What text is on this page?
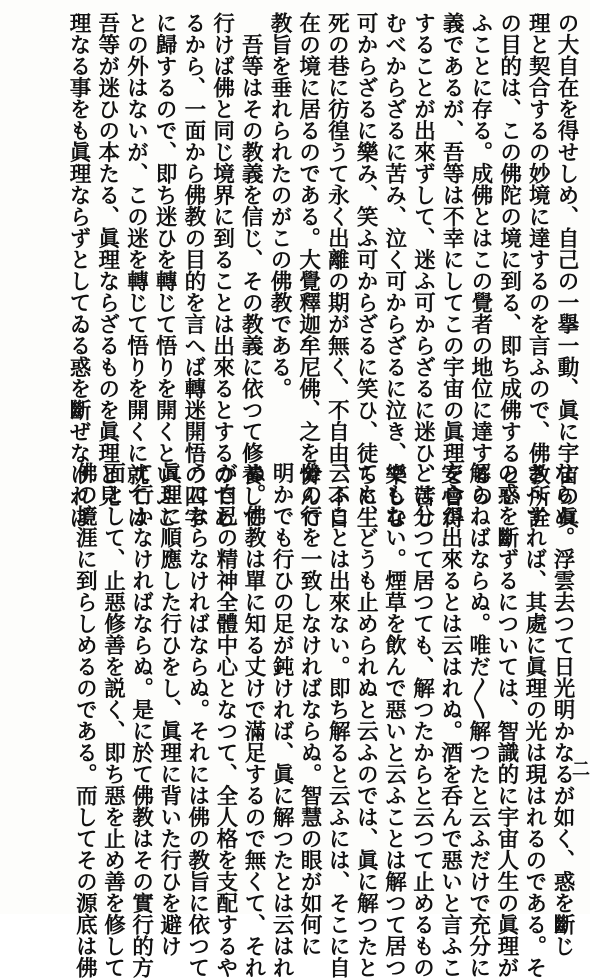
の大自在を得せしめ、自己の一擧一動、眞に宇宙の眞
理と契合するの妙境に達するのを言ふので、佛教所詮
の目的は、この佛陀の境に到る、即ち成佛するとい
ふことに存る。成佛とはこの覺者の地位に達するの
義であるが、吾等は不幸にしてこの宇宙の眞理を會得
することが出來ずして、迷ふ可からざるに迷ひ、苦し
むべからざるに苦み、泣く可からざるに泣き、樂しむ
可からざるに樂み、笑ふ可からざるに笑ひ、徒らに生
死の巷に彷徨うて永く出離の期が無く、不自由、不自
在の境に居るのである。大覺釋迦牟尼佛、之を憐んで
教旨を垂れられたのがこの佛教である。
　吾等はその教義を信じ、その教義に依つて修養して
行けば佛と同じ境界に到ることは出來るとするのであ
るから、一面から佛教の目的を言へば轉迷開悟の四字
に歸するので、即ち迷ひを轉じて悟りを開くといふこ
との外はないが、この迷を轉じて悟りを開くに就ては
吾等が迷ひの本たる、眞理ならざるものを眞理と見
理なる事をも眞理ならずとしてゐる惑を斷ぜなければ
ならぬ。浮雲去つて日光明かなるが如く、惑を斷じ
さへすれば、其處に眞理の光は現はれるのである。そ
の惑を斷ずるについては、智識的に宇宙人生の眞理が
解らねばならぬ。唯だ〳〵解つたと云ふだけで充分に
安心が出來るとは云はれぬ。酒を呑んで惡いと言ふこ
とは分つて居つても、解つたからと云つて止めるもの
でもない。煙草を飲んで惡いと云ふことは解つて居つ
ても、どうも止められぬと云ふのでは、眞に解つたと
云ふことは出來ない。即ち解ると云ふには、そこに自
分の行を一致しなければならぬ。智慧の眼が如何に
明かでも行ひの足が鈍ければ、眞に解つたとは云はれ
ぬ。佛教は單に知る丈けで滿足するので無くて、それ
が自己の精神全體中心となつて、全人格を支配するや
うにならなければならぬ。それには佛の教旨に依つて
眞理に順應した行ひをし、眞理に背いた行ひを避け
て行かなければならぬ。是に於て佛教はその實行的方
面として、止惡修善を説く、即ち惡を止め善を修して
佛の境涯に到らしめるのである。而してその源底は佛	二
